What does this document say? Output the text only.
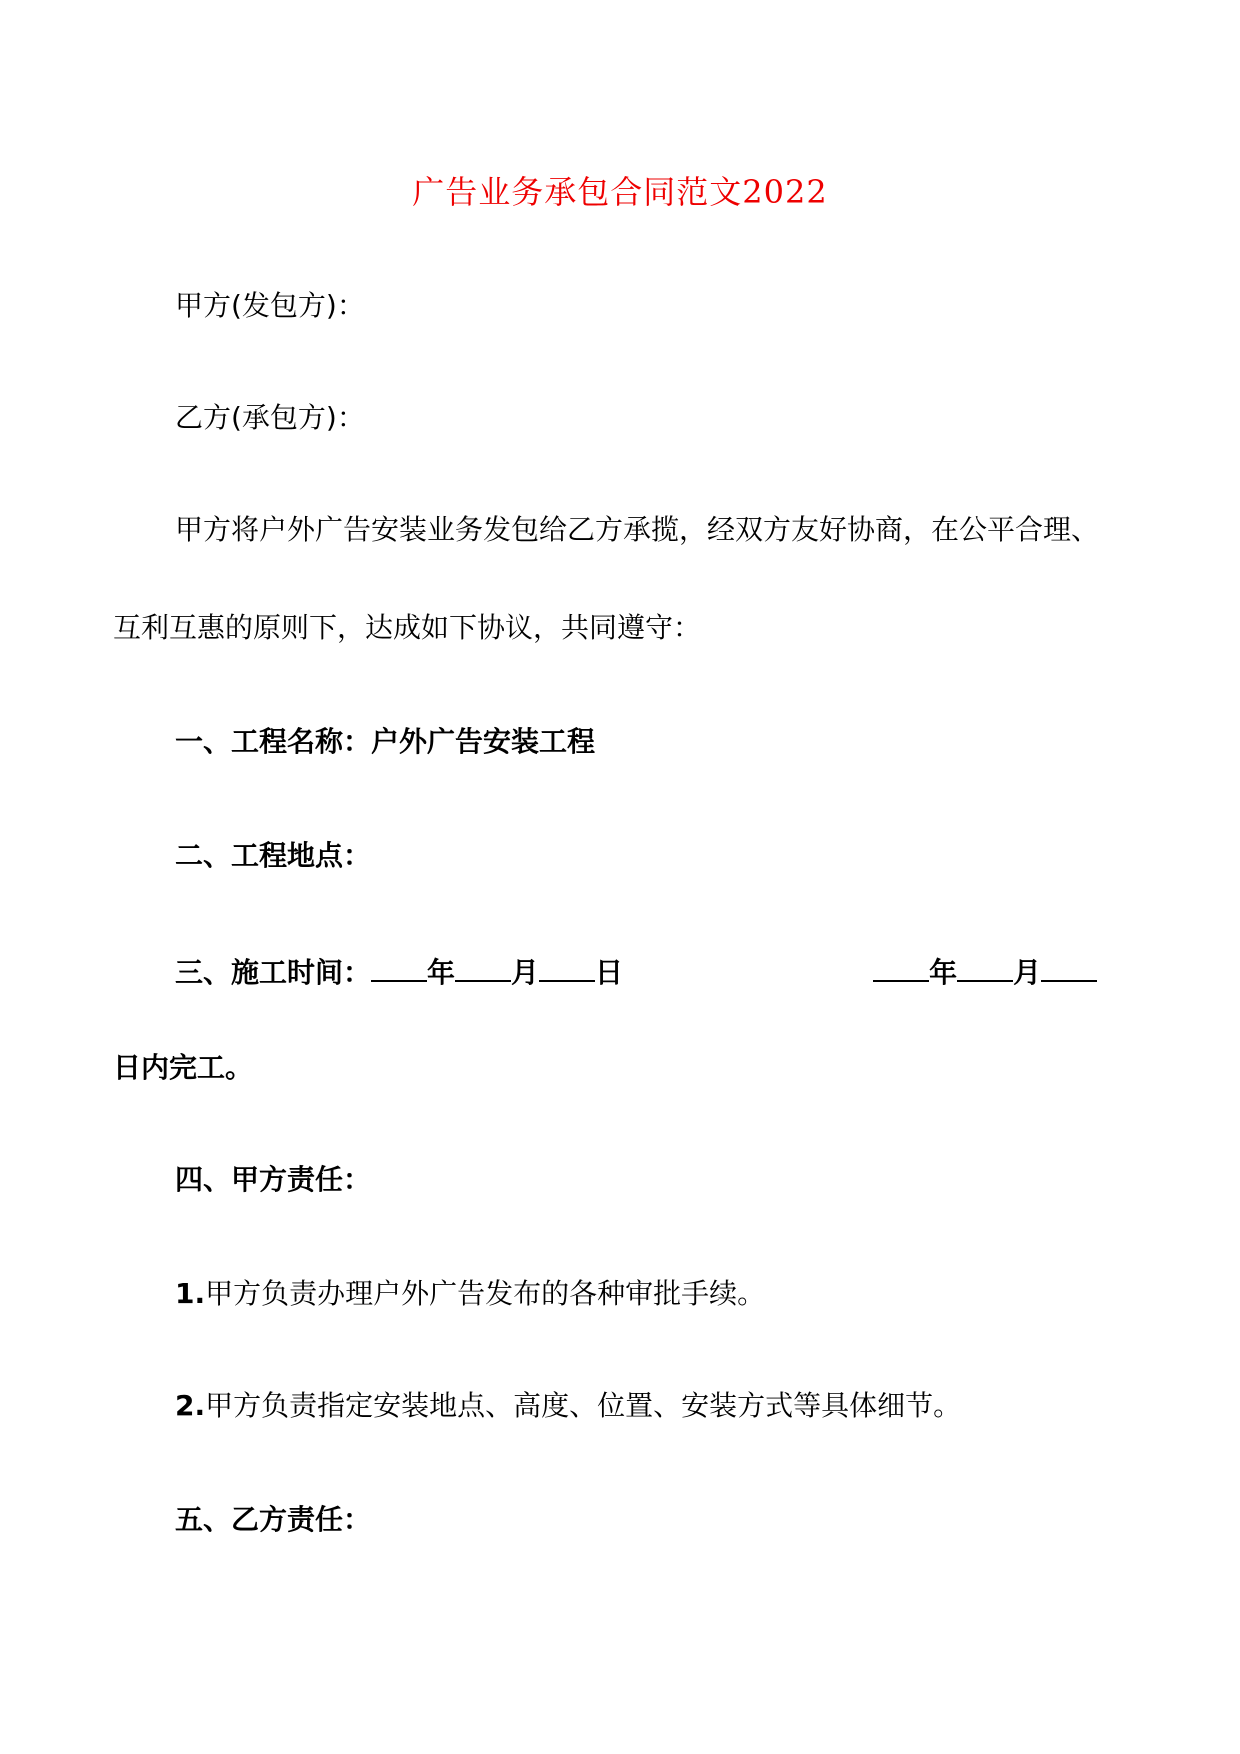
广告业务承包合同范文2022
甲方(发包方)：
乙方(承包方)：
甲方将户外广告安装业务发包给乙方承揽，经双方友好协商，在公平合理、
互利互惠的原则下，达成如下协议，共同遵守：
一、工程名称：户外广告安装工程
二、工程地点：
三、施工时间： 年 月 日	年 月
日内完工。
四、甲方责任：
1.甲方负责办理户外广告发布的各种审批手续。
2.甲方负责指定安装地点、高度、位置、安装方式等具体细节。
五、乙方责任：
